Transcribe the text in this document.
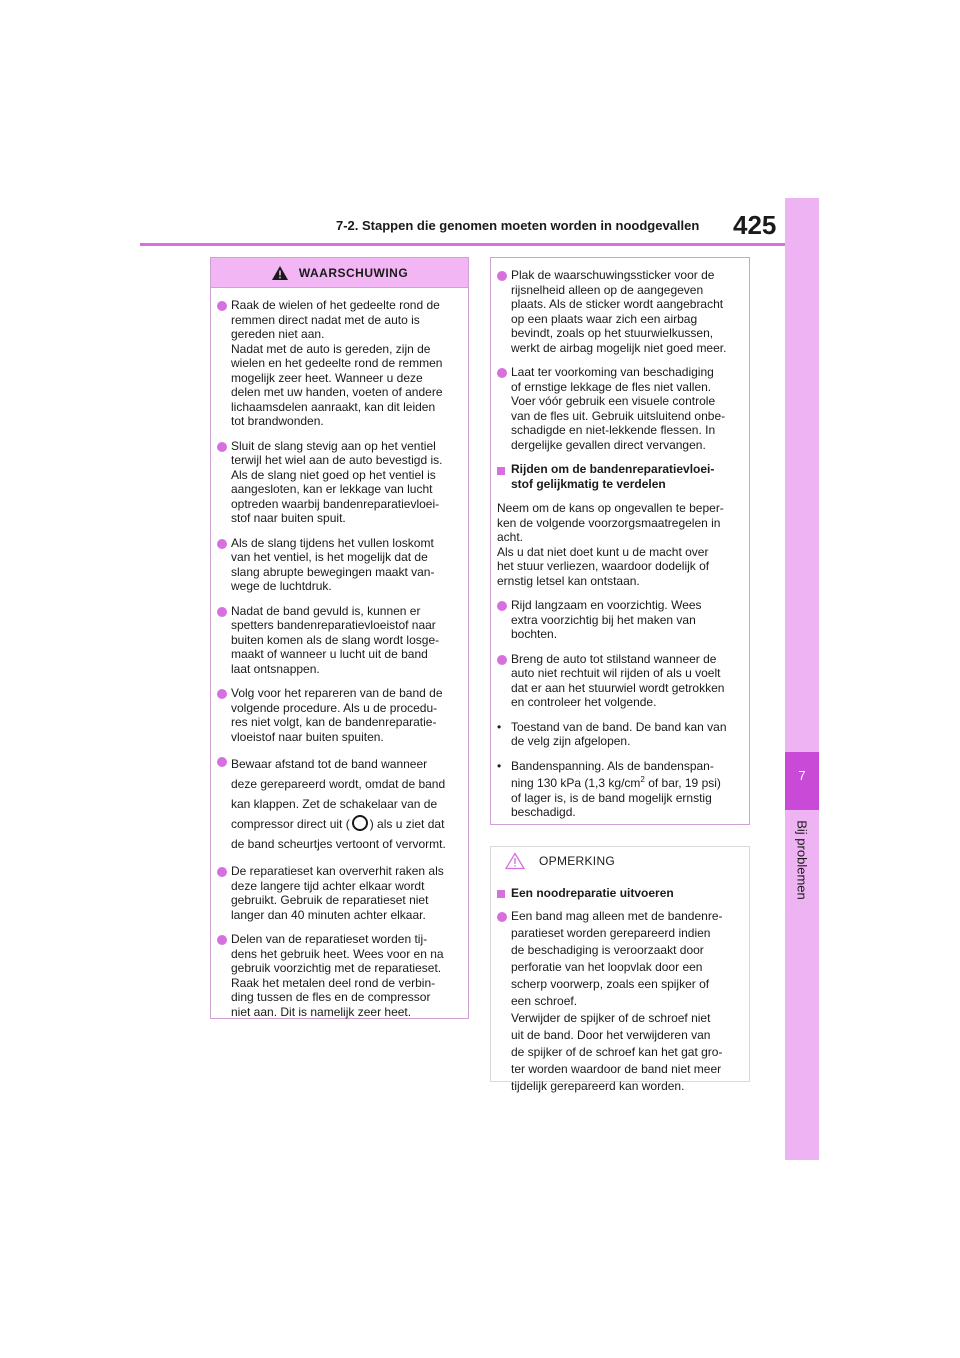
7
Bij problemen
7-2. Stappen die genomen moeten worden in noodgevallen 425
WAARSCHUWING
Raak de wielen of het gedeelte rond de
remmen direct nadat met de auto is
gereden niet aan.
Nadat met de auto is gereden, zijn de
wielen en het gedeelte rond de remmen
mogelijk zeer heet. Wanneer u deze
delen met uw handen, voeten of andere
lichaamsdelen aanraakt, kan dit leiden
tot brandwonden.
Sluit de slang stevig aan op het ventiel
terwijl het wiel aan de auto bevestigd is.
Als de slang niet goed op het ventiel is
aangesloten, kan er lekkage van lucht
optreden waarbij bandenreparatievloei-
stof naar buiten spuit.
Als de slang tijdens het vullen loskomt
van het ventiel, is het mogelijk dat de
slang abrupte bewegingen maakt van-
wege de luchtdruk.
Nadat de band gevuld is, kunnen er
spetters bandenreparatievloeistof naar
buiten komen als de slang wordt losge-
maakt of wanneer u lucht uit de band
laat ontsnappen.
Volg voor het repareren van de band de
volgende procedure. Als u de procedu-
res niet volgt, kan de bandenreparatie-
vloeistof naar buiten spuiten.
Bewaar afstand tot de band wanneer
deze gerepareerd wordt, omdat de band
kan klappen. Zet de schakelaar van de
compressor direct uit ( ) als u ziet dat
de band scheurtjes vertoont of vervormt.
De reparatieset kan oververhit raken als
deze langere tijd achter elkaar wordt
gebruikt. Gebruik de reparatieset niet
langer dan 40 minuten achter elkaar.
Delen van de reparatieset worden tij-
dens het gebruik heet. Wees voor en na
gebruik voorzichtig met de reparatieset.
Raak het metalen deel rond de verbin-
ding tussen de fles en de compressor
niet aan. Dit is namelijk zeer heet.
Plak de waarschuwingssticker voor de
rijsnelheid alleen op de aangegeven
plaats. Als de sticker wordt aangebracht
op een plaats waar zich een airbag
bevindt, zoals op het stuurwielkussen,
werkt de airbag mogelijk niet goed meer.
Laat ter voorkoming van beschadiging
of ernstige lekkage de fles niet vallen.
Voer vóór gebruik een visuele controle
van de fles uit. Gebruik uitsluitend onbe-
schadigde en niet-lekkende flessen. In
dergelijke gevallen direct vervangen.
Rijden om de bandenreparatievloei-
stof gelijkmatig te verdelen
Neem om de kans op ongevallen te beper-
ken de volgende voorzorgsmaatregelen in
acht.
Als u dat niet doet kunt u de macht over
het stuur verliezen, waardoor dodelijk of
ernstig letsel kan ontstaan.
Rijd langzaam en voorzichtig. Wees
extra voorzichtig bij het maken van
bochten.
Breng de auto tot stilstand wanneer de
auto niet rechtuit wil rijden of als u voelt
dat er aan het stuurwiel wordt getrokken
en controleer het volgende.
• Toestand van de band. De band kan van
de velg zijn afgelopen.
• Bandenspanning. Als de bandenspan-
ning 130 kPa (1,3 $kg/cm^2$ of bar, 19 psi)
of lager is, is de band mogelijk ernstig
beschadigd.
OPMERKING
Een noodreparatie uitvoeren
Een band mag alleen met de bandenre-
paratieset worden gerepareerd indien
de beschadiging is veroorzaakt door
perforatie van het loopvlak door een
scherp voorwerp, zoals een spijker of
een schroef.
Verwijder de spijker of de schroef niet
uit de band. Door het verwijderen van
de spijker of de schroef kan het gat gro-
ter worden waardoor de band niet meer
tijdelijk gerepareerd kan worden.
